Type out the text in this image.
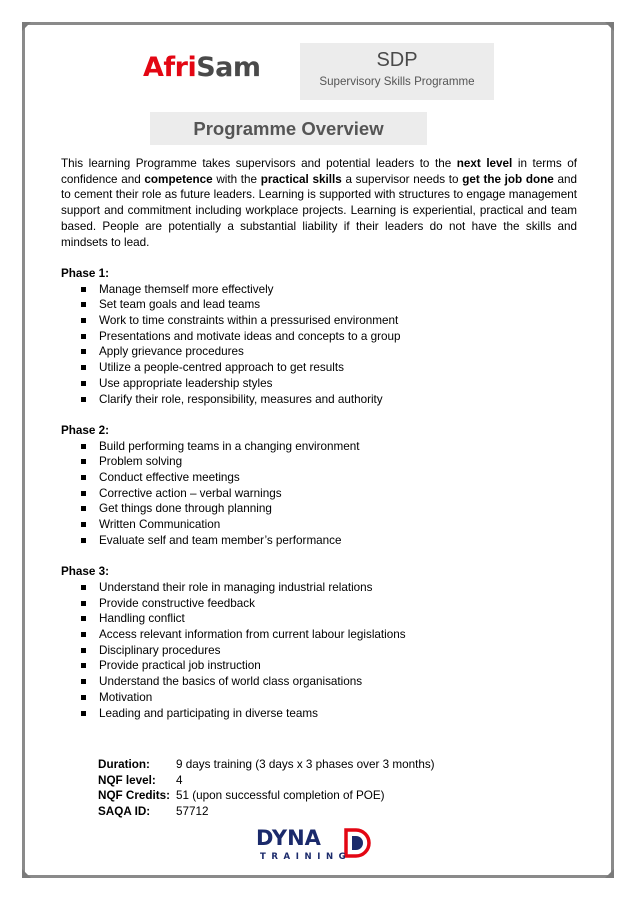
AfriSam	SDP
Supervisory Skills Programme
Programme Overview

This learning Programme takes supervisors and potential leaders to the next level in terms of confidence and competence with the practical skills a supervisor needs to get the job done and to cement their role as future leaders. Learning is supported with structures to engage management support and commitment including workplace projects. Learning is experiential, practical and team based. People are potentially a substantial liability if their leaders do not have the skills and mindsets to lead.

Phase 1:
Manage themself more effectively
Set team goals and lead teams
Work to time constraints within a pressurised environment
Presentations and motivate ideas and concepts to a group
Apply grievance procedures
Utilize a people-centred approach to get results
Use appropriate leadership styles
Clarify their role, responsibility, measures and authority
Phase 2:
Build performing teams in a changing environment
Problem solving
Conduct effective meetings
Corrective action – verbal warnings
Get things done through planning
Written Communication
Evaluate self and team member’s performance
Phase 3:
Understand their role in managing industrial relations
Provide constructive feedback
Handling conflict
Access relevant information from current labour legislations
Disciplinary procedures
Provide practical job instruction
Understand the basics of world class organisations
Motivation
Leading and participating in diverse teams
Duration:	9 days training (3 days x 3 phases over 3 months)
NQF level:	4
NQF Credits: 51 (upon successful completion of POE)
SAQA ID:	57712
DYNA
TRAINING
